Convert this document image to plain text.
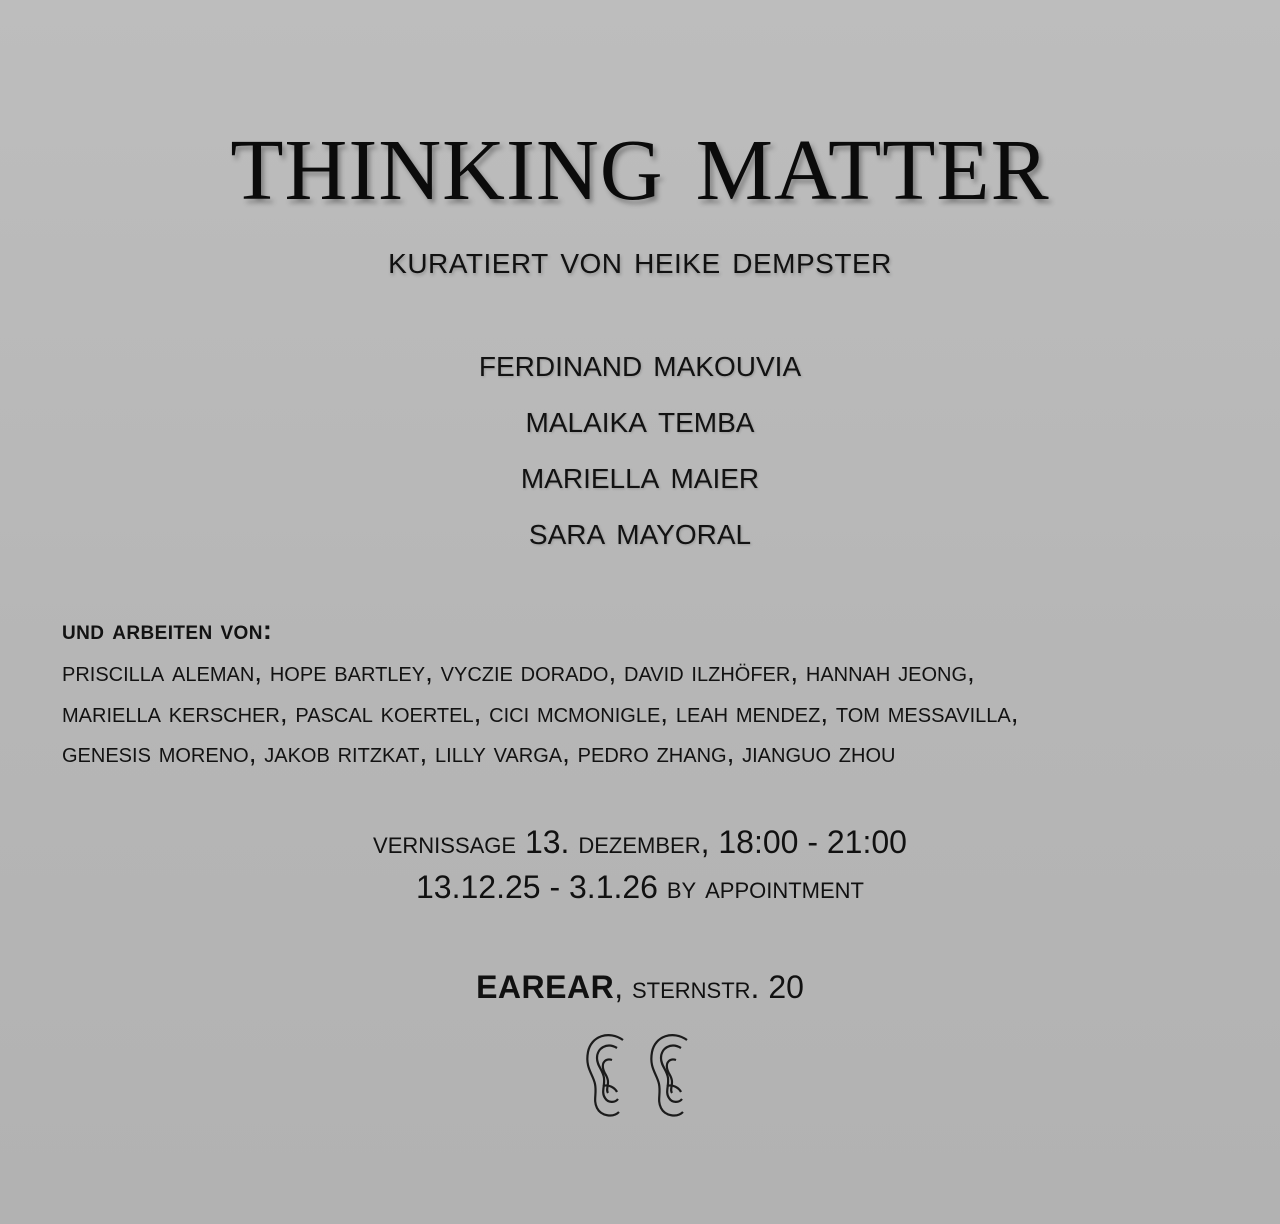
thinking matter
kuratiert von heike dempster
ferdinand makouvia
malaika temba
mariella maier
sara mayoral
und arbeiten von:
priscilla aleman, hope bartley, vyczie dorado, david ilzhöfer, hannah jeong,
mariella kerscher, pascal koertel, cici mcmonigle, leah mendez, tom messavilla,
genesis moreno, jakob ritzkat, lilly varga, pedro zhang, jianguo zhou
vernissage 13. dezember, 18:00 - 21:00
13.12.25 - 3.1.26 by appointment
EAREAR, sternstr. 20
